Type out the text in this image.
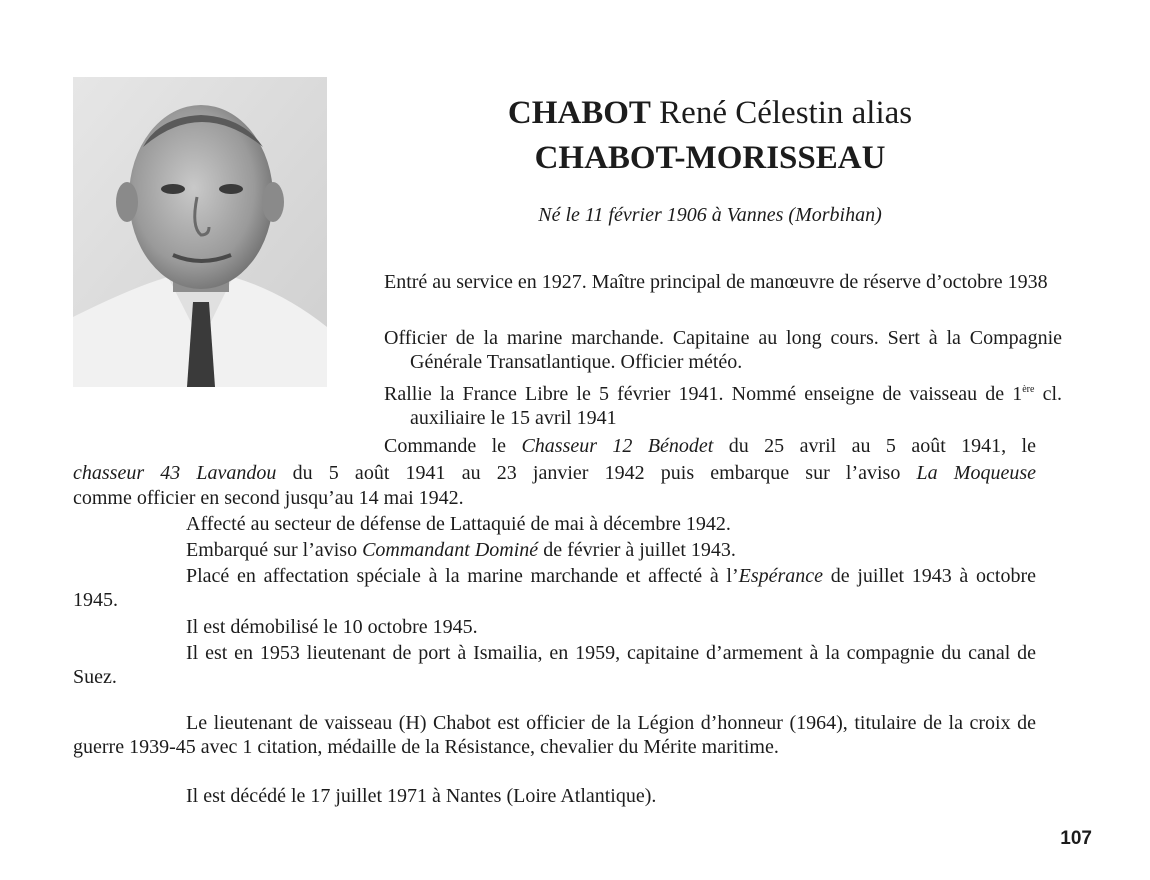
CHABOT René Célestin alias
CHABOT-MORISSEAU
Né le 11 février 1906 à Vannes (Morbihan)

Entré au service en 1927. Maître principal de manœuvre de réserve d’octobre 1938

Officier de la marine marchande. Capitaine au long cours. Sert à la Compagnie Générale Transatlantique. Officier météo.

Rallie la France Libre le 5 février 1941. Nommé enseigne de vaisseau de 1ère cl. auxiliaire le 15 avril 1941

Commande le Chasseur 12 Bénodet du 25 avril au 5 août 1941, le

chasseur 43 Lavandou du 5 août 1941 au 23 janvier 1942 puis embarque sur l’aviso La Moqueuse

comme officier en second jusqu’au 14 mai 1942.

Affecté au secteur de défense de Lattaquié de mai à décembre 1942.

Embarqué sur l’aviso Commandant Dominé de février à juillet 1943.

Placé en affectation spéciale à la marine marchande et affecté à l’Espérance de juillet 1943 à octobre 1945.

Il est démobilisé le 10 octobre 1945.

Il est en 1953 lieutenant de port à Ismailia, en 1959, capitaine d’armement à la compagnie du canal de Suez.

Le lieutenant de vaisseau (H) Chabot est officier de la Légion d’honneur (1964), titulaire de la croix de guerre 1939-45 avec 1 citation, médaille de la Résistance, chevalier du Mérite maritime.

Il est décédé le 17 juillet 1971 à Nantes (Loire Atlantique).

107
